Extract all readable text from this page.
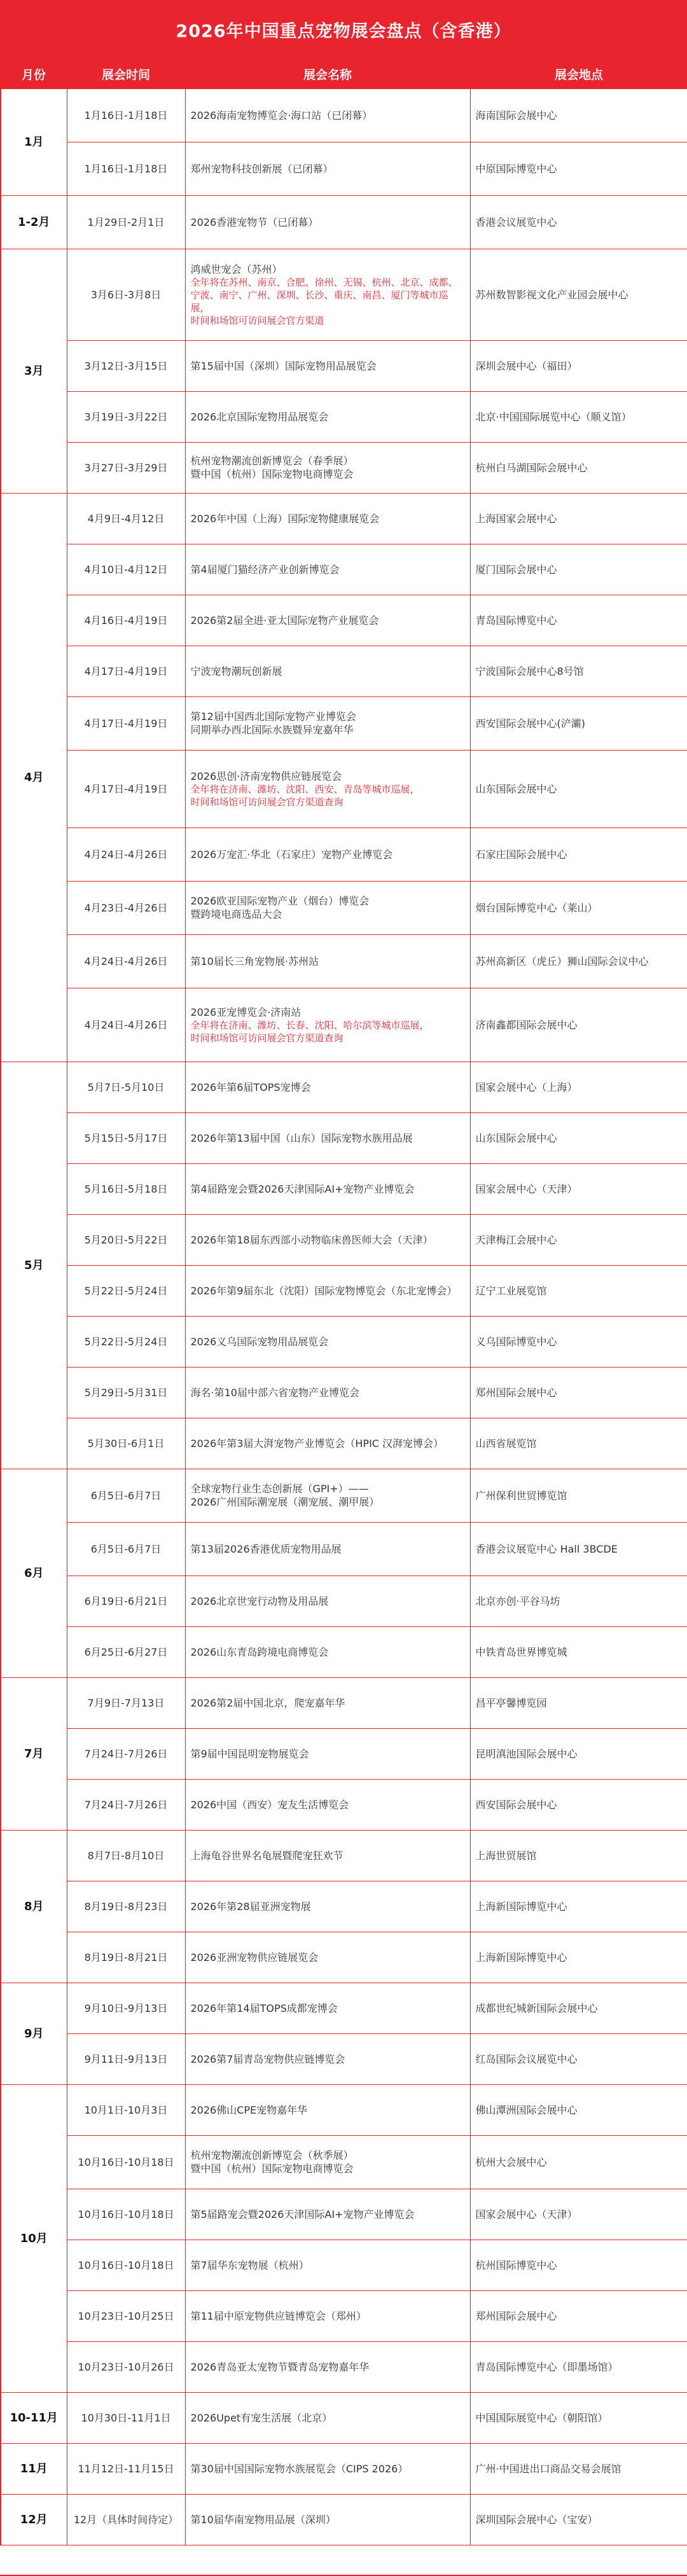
2026年中国重点宠物展会盘点（含香港）
月份	展会时间	展会名称	展会地点
1月	1月16日-1月18日	2026海南宠物博览会·海口站（已闭幕）	海南国际会展中心
	1月16日-1月18日	郑州宠物科技创新展（已闭幕）	中原国际博览中心
1-2月	1月29日-2月1日	2026香港宠物节（已闭幕）	香港会议展览中心
3月	3月6日-3月8日	鸿威世宠会（苏州）
全年将在苏州、南京、合肥、徐州、无锡、杭州、北京、成都、宁波、南宁、广州、深圳、长沙、重庆、南昌、厦门等城市巡展，
时间和场馆可访问展会官方渠道	苏州数智影视文化产业园会展中心
	3月12日-3月15日	第15届中国（深圳）国际宠物用品展览会	深圳会展中心（福田）
	3月19日-3月22日	2026北京国际宠物用品展览会	北京·中国国际展览中心（顺义馆）
	3月27日-3月29日	杭州宠物潮流创新博览会（春季展）
暨中国（杭州）国际宠物电商博览会	杭州白马湖国际会展中心
4月	4月9日-4月12日	2026年中国（上海）国际宠物健康展览会	上海国家会展中心
	4月10日-4月12日	第4届厦门猫经济产业创新博览会	厦门国际会展中心
	4月16日-4月19日	2026第2届全进·亚太国际宠物产业展览会	青岛国际博览中心
	4月17日-4月19日	宁波宠物潮玩创新展	宁波国际会展中心8号馆
	4月17日-4月19日	第12届中国西北国际宠物产业博览会
同期举办西北国际水族暨异宠嘉年华	西安国际会展中心(浐灞)
	4月17日-4月19日	2026思创·济南宠物供应链展览会
全年将在济南、潍坊、沈阳、西安、青岛等城市巡展，
时间和场馆可访问展会官方渠道查询	山东国际会展中心
	4月24日-4月26日	2026万宠汇·华北（石家庄）宠物产业博览会	石家庄国际会展中心
	4月23日-4月26日	2026欧亚国际宠物产业（烟台）博览会
暨跨境电商选品大会	烟台国际博览中心（莱山）
	4月24日-4月26日	第10届长三角宠物展·苏州站	苏州高新区（虎丘）狮山国际会议中心
	4月24日-4月26日	2026亚宠博览会·济南站
全年将在济南、潍坊、长春、沈阳、哈尔滨等城市巡展，
时间和场馆可访问展会官方渠道查询	济南鑫都国际会展中心
5月	5月7日-5月10日	2026年第6届TOPS宠博会	国家会展中心（上海）
	5月15日-5月17日	2026年第13届中国（山东）国际宠物水族用品展	山东国际会展中心
	5月16日-5月18日	第4届路宠会暨2026天津国际AI+宠物产业博览会	国家会展中心（天津）
	5月20日-5月22日	2026年第18届东西部小动物临床兽医师大会（天津）	天津梅江会展中心
	5月22日-5月24日	2026年第9届东北（沈阳）国际宠物博览会（东北宠博会）	辽宁工业展览馆
	5月22日-5月24日	2026义乌国际宠物用品展览会	义乌国际博览中心
	5月29日-5月31日	海名·第10届中部六省宠物产业博览会	郑州国际会展中心
	5月30日-6月1日	2026年第3届大湃宠物产业博览会（HPIC 汉湃宠博会）	山西省展览馆
6月	6月5日-6月7日	全球宠物行业生态创新展（GPI+）——
2026广州国际潮宠展（潮宠展、潮甲展）	广州保利世贸博览馆
	6月5日-6月7日	第13届2026香港优质宠物用品展	香港会议展览中心 Hall 3BCDE
	6月19日-6月21日	2026北京世宠行动物及用品展	北京亦创·平谷马坊
	6月25日-6月27日	2026山东青岛跨境电商博览会	中铁青岛世界博览城
7月	7月9日-7月13日	2026第2届中国北京，爬宠嘉年华	昌平亭馨博览园
	7月24日-7月26日	第9届中国昆明宠物展览会	昆明滇池国际会展中心
	7月24日-7月26日	2026中国（西安）宠友生活博览会	西安国际会展中心
8月	8月7日-8月10日	上海龟谷世界名龟展暨爬宠狂欢节	上海世贸展馆
	8月19日-8月23日	2026年第28届亚洲宠物展	上海新国际博览中心
	8月19日-8月21日	2026亚洲宠物供应链展览会	上海新国际博览中心
9月	9月10日-9月13日	2026年第14届TOPS成都宠博会	成都世纪城新国际会展中心
	9月11日-9月13日	2026第7届青岛宠物供应链博览会	红岛国际会议展览中心
10月	10月1日-10月3日	2026佛山CPE宠物嘉年华	佛山潭洲国际会展中心
	10月16日-10月18日	杭州宠物潮流创新博览会（秋季展）
暨中国（杭州）国际宠物电商博览会	杭州大会展中心
	10月16日-10月18日	第5届路宠会暨2026天津国际AI+宠物产业博览会	国家会展中心（天津）
	10月16日-10月18日	第7届华东宠物展（杭州）	杭州国际博览中心
	10月23日-10月25日	第11届中原宠物供应链博览会（郑州）	郑州国际会展中心
	10月23日-10月26日	2026青岛亚太宠物节暨青岛宠物嘉年华	青岛国际博览中心（即墨场馆）
10-11月	10月30日-11月1日	2026Upet有宠生活展（北京）	中国国际展览中心（朝阳馆）
11月	11月12日-11月15日	第30届中国国际宠物水族展览会（CIPS 2026）	广州·中国进出口商品交易会展馆
12月	12月（具体时间待定）	第10届华南宠物用品展（深圳）	深圳国际会展中心（宝安）
